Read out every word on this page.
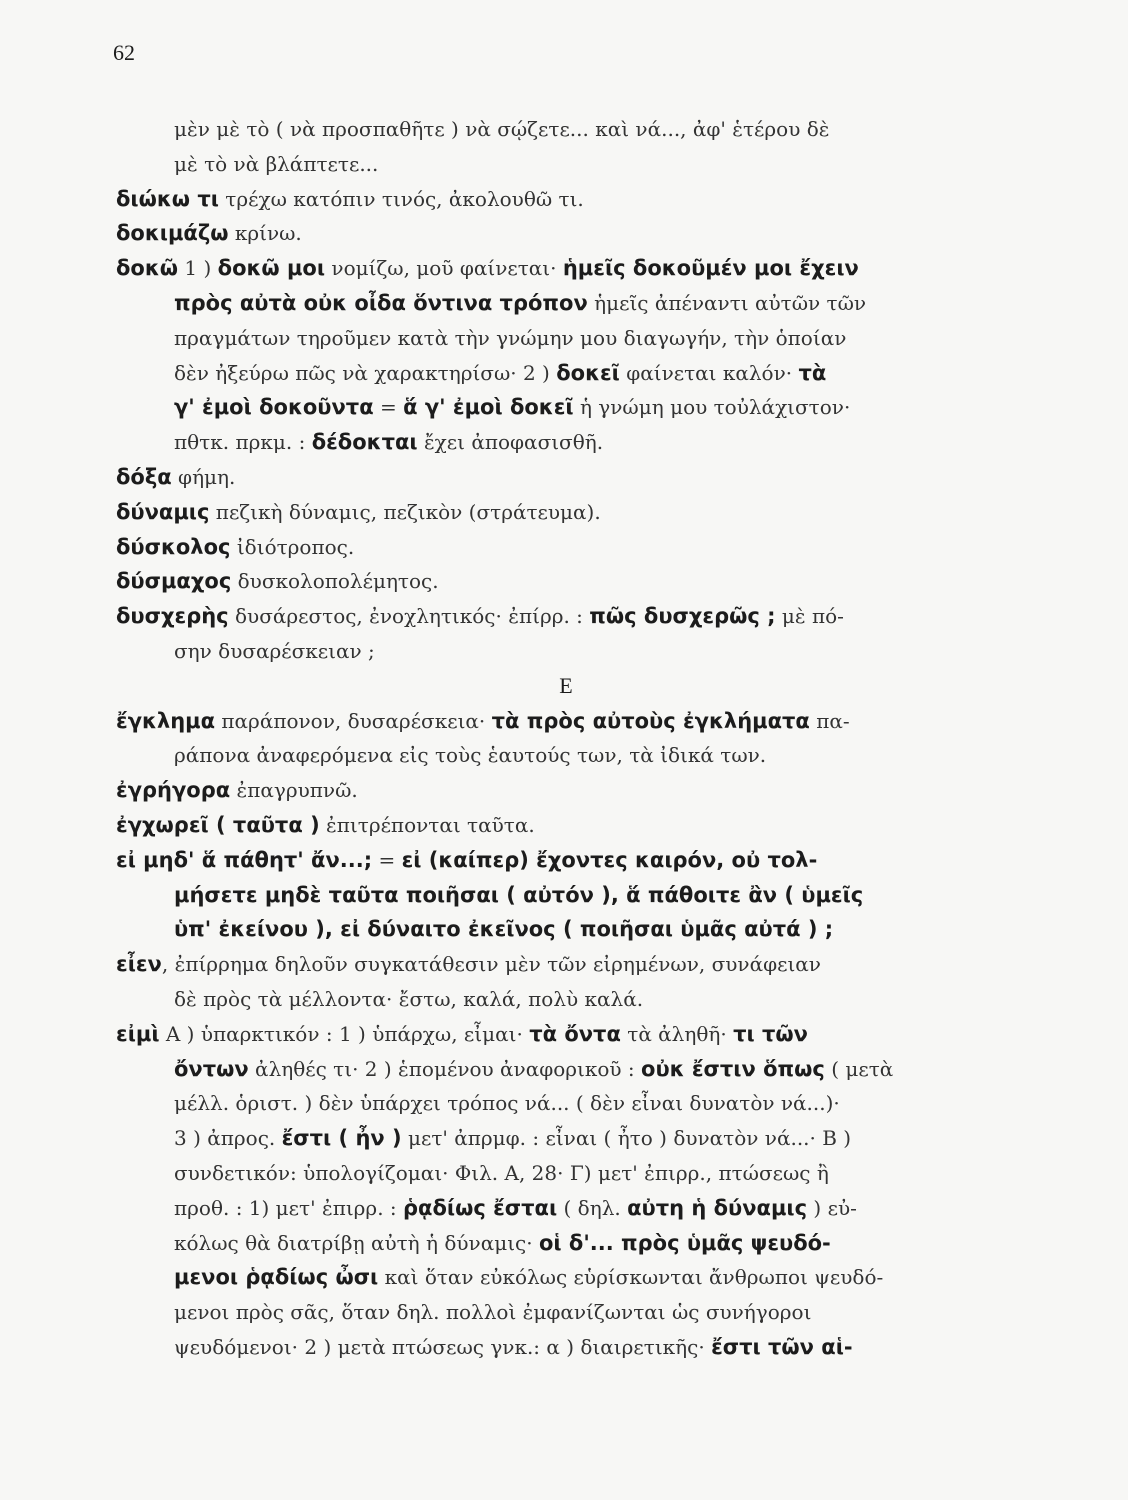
62
μὲν μὲ τὸ ( νὰ προσπαθῆτε ) νὰ σῴζετε... καὶ νά..., ἀφ' ἑτέρου δὲ
μὲ τὸ νὰ βλάπτετε...
διώκω τι τρέχω κατόπιν τινός, ἀκολουθῶ τι.
δοκιμάζω κρίνω.
δοκῶ 1 ) δοκῶ μοι νομίζω, μοῦ φαίνεται· ἡμεῖς δοκοῦμέν μοι ἔχειν
πρὸς αὐτὰ οὐκ οἶδα ὅντινα τρόπον ἡμεῖς ἀπέναντι αὐτῶν τῶν
πραγμάτων τηροῦμεν κατὰ τὴν γνώμην μου διαγωγήν, τὴν ὁποίαν
δὲν ἠξεύρω πῶς νὰ χαρακτηρίσω· 2 ) δοκεῖ φαίνεται καλόν· τὰ
γ' ἐμοὶ δοκοῦντα = ἅ γ' ἐμοὶ δοκεῖ ἡ γνώμη μου τοὐλάχιστον·
πθτκ. πρκμ. : δέδοκται ἔχει ἀποφασισθῆ.
δόξα φήμη.
δύναμις πεζικὴ δύναμις, πεζικὸν (στράτευμα).
δύσκολος ἰδιότροπος.
δύσμαχος δυσκολοπολέμητος.
δυσχερὴς δυσάρεστος, ἐνοχλητικός· ἐπίρρ. : πῶς δυσχερῶς ; μὲ πό-
σην δυσαρέσκειαν ;
Ε
ἔγκλημα παράπονον, δυσαρέσκεια· τὰ πρὸς αὐτοὺς ἐγκλήματα πα-
ράπονα ἀναφερόμενα εἰς τοὺς ἑαυτούς των, τὰ ἰδικά των.
ἐγρήγορα ἐπαγρυπνῶ.
ἐγχωρεῖ ( ταῦτα ) ἐπιτρέπονται ταῦτα.
εἰ μηδ' ἅ πάθητ' ἄν...; = εἰ (καίπερ) ἔχοντες καιρόν, οὐ τολ-
μήσετε μηδὲ ταῦτα ποιῆσαι ( αὐτόν ), ἅ πάθοιτε ἂν ( ὑμεῖς
ὑπ' ἐκείνου ), εἰ δύναιτο ἐκεῖνος ( ποιῆσαι ὑμᾶς αὐτά ) ;
εἶεν, ἐπίρρημα δηλοῦν συγκατάθεσιν μὲν τῶν εἰρημένων, συνάφειαν
δὲ πρὸς τὰ μέλλοντα· ἔστω, καλά, πολὺ καλά.
εἰμὶ Α ) ὑπαρκτικόν : 1 ) ὑπάρχω, εἶμαι· τὰ ὄντα τὰ ἀληθῆ· τι τῶν
ὄντων ἀληθές τι· 2 ) ἑπομένου ἀναφορικοῦ : οὐκ ἔστιν ὅπως ( μετὰ
μέλλ. ὁριστ. ) δὲν ὑπάρχει τρόπος νά... ( δὲν εἶναι δυνατὸν νά...)·
3 ) ἀπρος. ἔστι ( ἦν ) μετ' ἀπρμφ. : εἶναι ( ἦτο ) δυνατὸν νά...· Β )
συνδετικόν: ὑπολογίζομαι· Φιλ. Α, 28· Γ) μετ' ἐπιρρ., πτώσεως ἢ
προθ. : 1) μετ' ἐπιρρ. : ῥᾳδίως ἔσται ( δηλ. αὐτη ἡ δύναμις ) εὐ-
κόλως θὰ διατρίβῃ αὐτὴ ἡ δύναμις· οἱ δ'... πρὸς ὑμᾶς ψευδό-
μενοι ῥᾳδίως ὦσι καὶ ὅταν εὐκόλως εὑρίσκωνται ἄνθρωποι ψευδό-
μενοι πρὸς σᾶς, ὅταν δηλ. πολλοὶ ἐμφανίζωνται ὡς συνήγοροι
ψευδόμενοι· 2 ) μετὰ πτώσεως γνκ.: α ) διαιρετικῆς· ἔστι τῶν αἱ-
